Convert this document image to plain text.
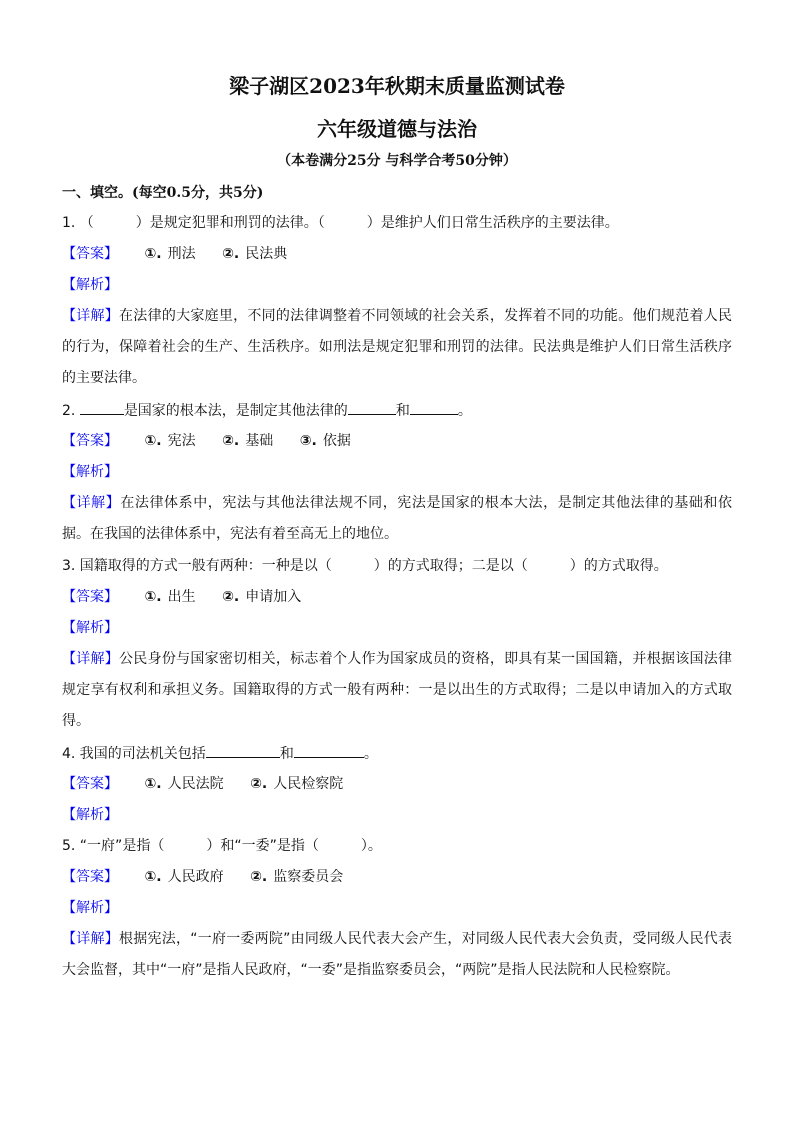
梁子湖区2023年秋期末质量监测试卷
六年级道德与法治
（本卷满分25分 与科学合考50分钟）
一、填空。(每空0.5分，共5分)
1. （　　　）是规定犯罪和刑罚的法律。（　　　）是维护人们日常生活秩序的主要法律。
【答案】 ①. 刑法 ②. 民法典
【解析】
【详解】在法律的大家庭里，不同的法律调整着不同领域的社会关系，发挥着不同的功能。他们规范着人民的行为，保障着社会的生产、生活秩序。如刑法是规定犯罪和刑罚的法律。民法典是维护人们日常生活秩序的主要法律。
2.	是国家的根本法，是制定其他法律的	和	。
【答案】 ①. 宪法 ②. 基础 ③. 依据
【解析】
【详解】在法律体系中，宪法与其他法律法规不同，宪法是国家的根本大法，是制定其他法律的基础和依据。在我国的法律体系中，宪法有着至高无上的地位。
3. 国籍取得的方式一般有两种：一种是以（　　　）的方式取得；二是以（　　　）的方式取得。
【答案】 ①. 出生 ②. 申请加入
【解析】
【详解】公民身份与国家密切相关，标志着个人作为国家成员的资格，即具有某一国国籍，并根据该国法律规定享有权利和承担义务。国籍取得的方式一般有两种：一是以出生的方式取得；二是以申请加入的方式取得。
4. 我国的司法机关包括	和	。
【答案】 ①. 人民法院 ②. 人民检察院
【解析】
5. “一府”是指（　　　）和“一委”是指（　　　）。
【答案】 ①. 人民政府 ②. 监察委员会
【解析】
【详解】根据宪法，“一府一委两院”由同级人民代表大会产生，对同级人民代表大会负责，受同级人民代表大会监督，其中“一府”是指人民政府，“一委”是指监察委员会，“两院”是指人民法院和人民检察院。
